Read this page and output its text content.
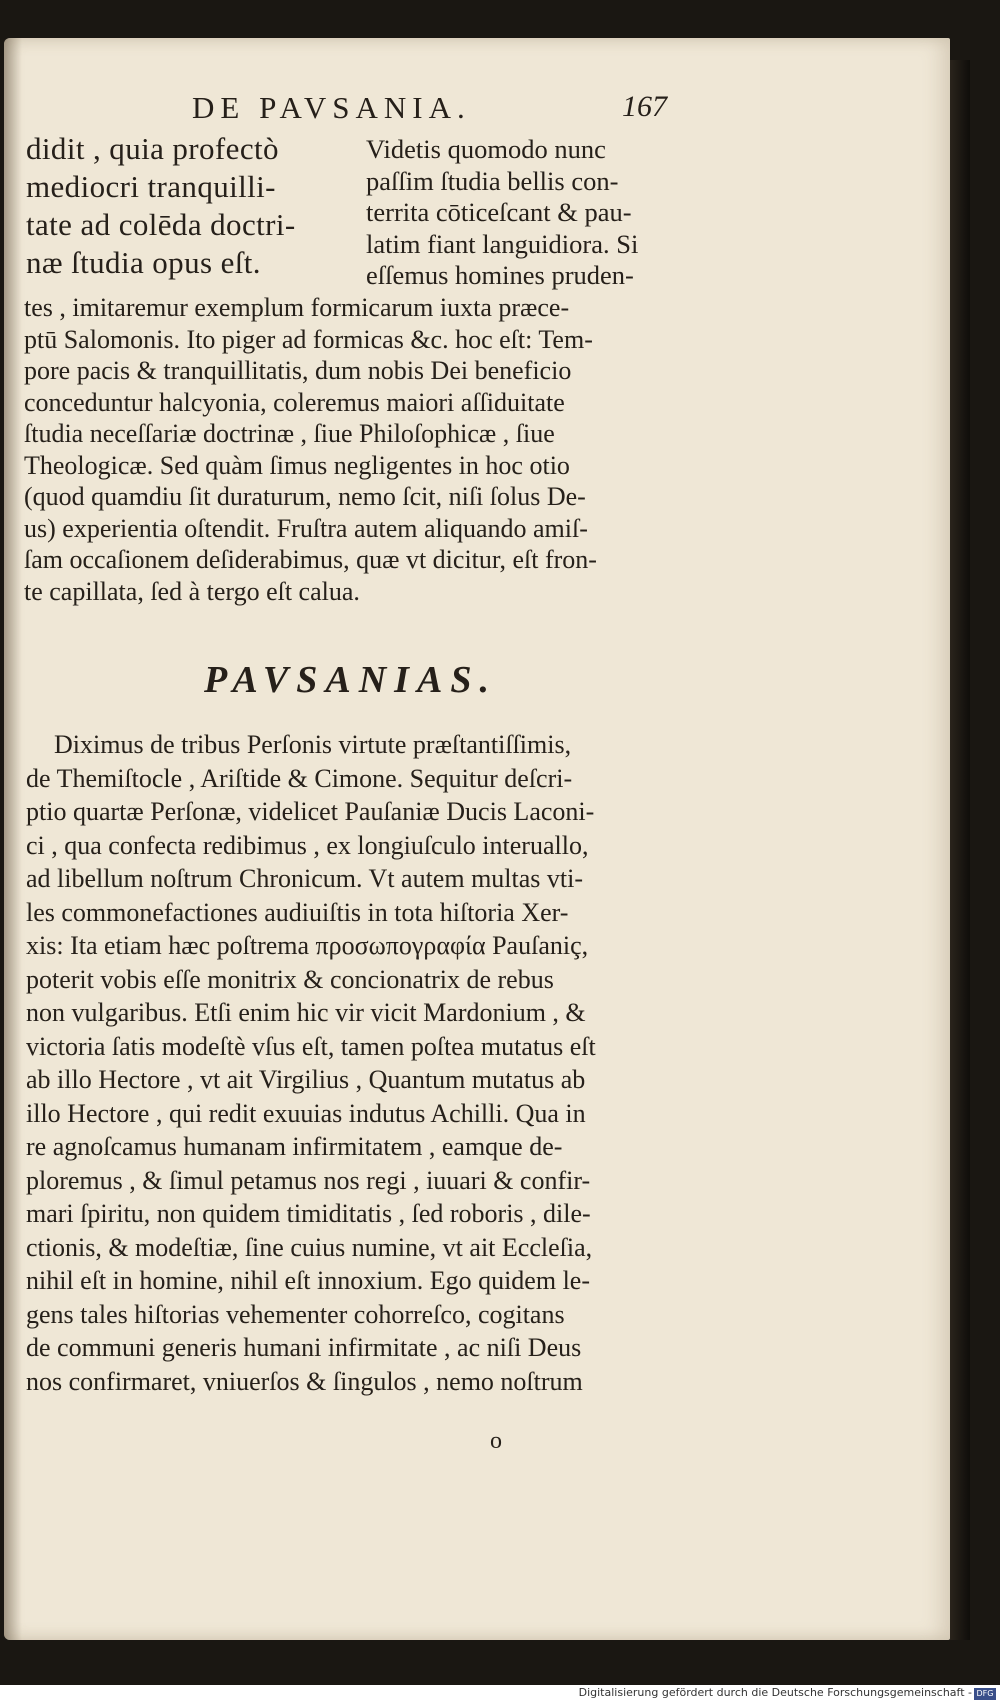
DE PAVSANIA.	167
didit , quia profectò
mediocri tranquilli-
tate ad colēda doctri-
næ ſtudia opus eſt.
Videtis quomodo nunc
paſſim ſtudia bellis con-
territa cōticeſcant & pau-
latim fiant languidiora. Si
eſſemus homines pruden-
tes , imitaremur exemplum formicarum iuxta præce-
ptū Salomonis. Ito piger ad formicas &c. hoc eſt: Tem-
pore pacis & tranquillitatis, dum nobis Dei beneficio
conceduntur halcyonia, coleremus maiori aſſiduitate
ſtudia neceſſariæ doctrinæ , ſiue Philoſophicæ , ſiue
Theologicæ. Sed quàm ſimus negligentes in hoc otio
(quod quamdiu ſit duraturum, nemo ſcit, niſi ſolus De-
us) experientia oſtendit. Fruſtra autem aliquando amiſ-
ſam occaſionem deſiderabimus, quæ vt dicitur, eſt fron-
te capillata, ſed à tergo eſt calua.
PAVSANIAS.
Diximus de tribus Perſonis virtute præſtantiſſimis,
de Themiſtocle , Ariſtide & Cimone. Sequitur deſcri-
ptio quartæ Perſonæ, videlicet Pauſaniæ Ducis Laconi-
ci , qua confecta redibimus , ex longiuſculo interuallo,
ad libellum noſtrum Chronicum. Vt autem multas vti-
les commonefactiones audiuiſtis in tota hiſtoria Xer-
xis: Ita etiam hæc poſtrema προσωπογραφία Pauſaniç,
poterit vobis eſſe monitrix & concionatrix de rebus
non vulgaribus. Etſi enim hic vir vicit Mardonium , &
victoria ſatis modeſtè vſus eſt, tamen poſtea mutatus eſt
ab illo Hectore , vt ait Virgilius , Quantum mutatus ab
illo Hectore , qui redit exuuias indutus Achilli. Qua in
re agnoſcamus humanam infirmitatem , eamque de-
ploremus , & ſimul petamus nos regi , iuuari & confir-
mari ſpiritu, non quidem timiditatis , ſed roboris , dile-
ctionis, & modeſtiæ, ſine cuius numine, vt ait Eccleſia,
nihil eſt in homine, nihil eſt innoxium. Ego quidem le-
gens tales hiſtorias vehementer cohorreſco, cogitans
de communi generis humani infirmitate , ac niſi Deus
nos confirmaret, vniuerſos & ſingulos , nemo noſtrum
o
Digitalisierung gefördert durch die Deutsche Forschungsgemeinschaft - DFG
